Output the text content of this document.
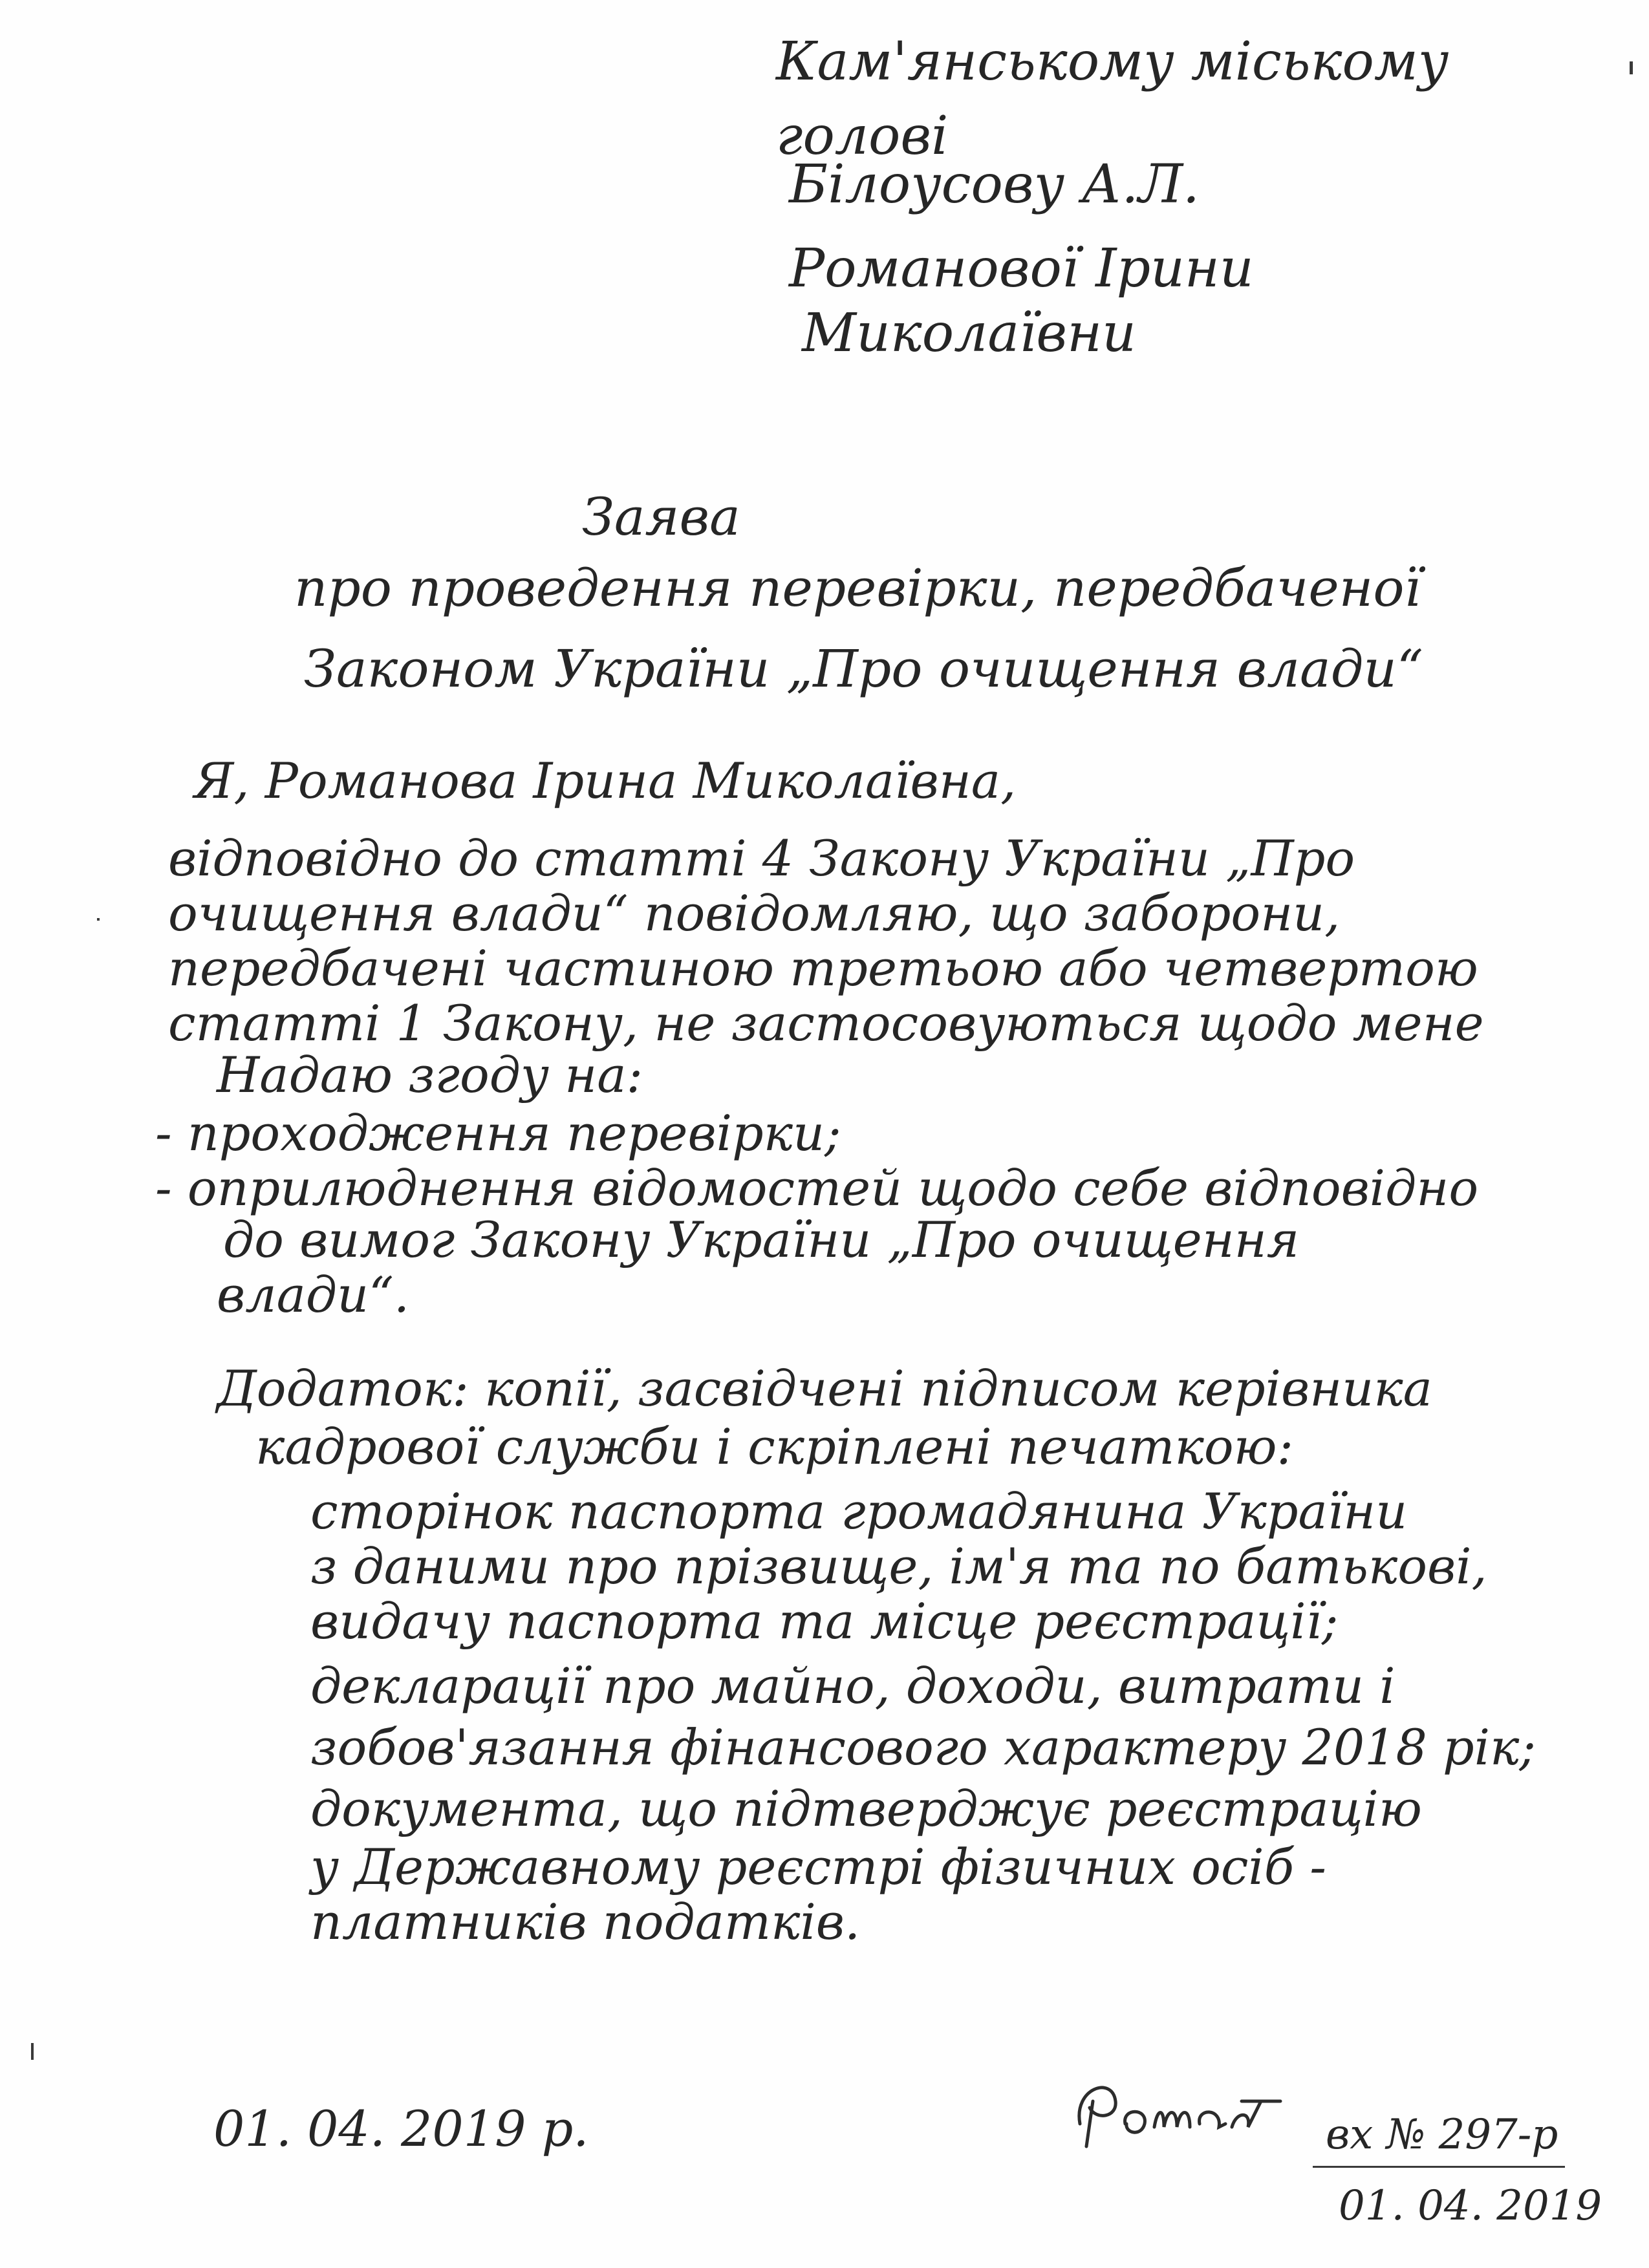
Кам'янському міському
голові
Білоусову А.Л.
Романової Ірини
Миколаївни
Заява
про проведення перевірки, передбаченої
Законом України „Про очищення влади“
Я, Романова Ірина Миколаївна,
відповідно до статті 4 Закону України „Про
очищення влади“ повідомляю, що заборони,
передбачені частиною третьою або четвертою
статті 1 Закону, не застосовуються щодо мене
Надаю згоду на:
- проходження перевірки;
- оприлюднення відомостей щодо себе відповідно
до вимог Закону України „Про очищення
влади“.
Додаток: копії, засвідчені підписом керівника
кадрової служби і скріплені печаткою:
сторінок паспорта громадянина України
з даними про прізвище, ім'я та по батькові,
видачу паспорта та місце реєстрації;
декларації про майно, доходи, витрати і
зобов'язання фінансового характеру 2018 рік;
документа, що підтверджує реєстрацію
у Державному реєстрі фізичних осіб -
платників податків.
01. 04. 2019 р.	вх № 297-р
01. 04. 2019
